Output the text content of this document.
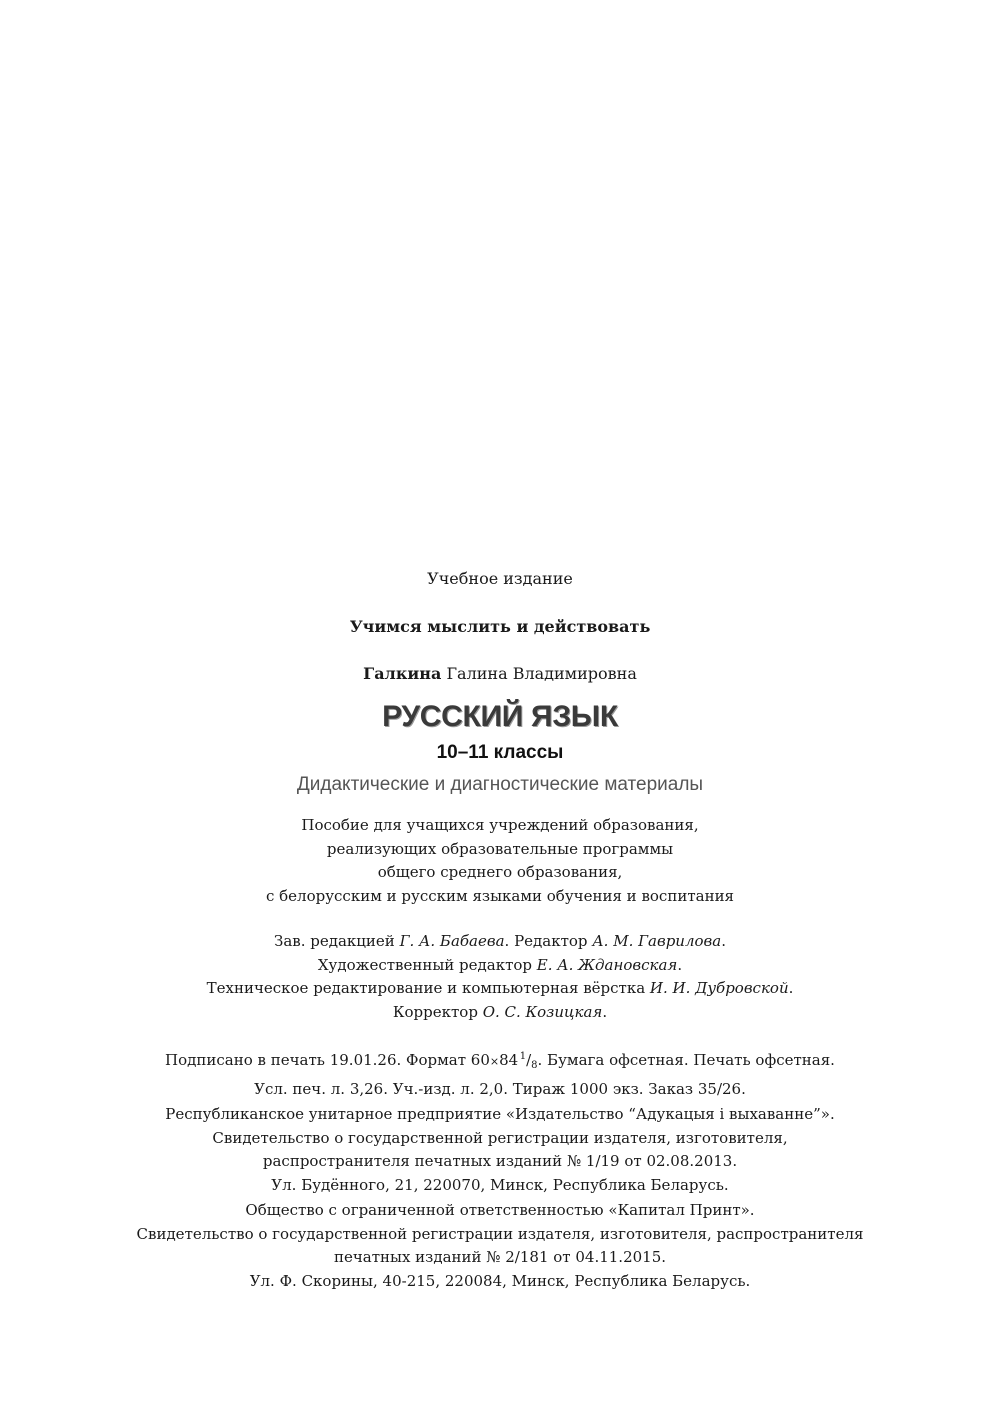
Учебное издание
Учимся мыслить и действовать
Галкина Галина Владимировна
РУССКИЙ ЯЗЫК
10–11 классы
Дидактические и диагностические материалы
Пособие для учащихся учреждений образования,
реализующих образовательные программы
общего среднего образования,
с белорусским и русским языками обучения и воспитания
Зав. редакцией Г. А. Бабаева. Редактор А. М. Гаврилова.
Художественный редактор Е. А. Ждановская.
Техническое редактирование и компьютерная вёрстка И. И. Дубровской.
Корректор О. С. Козицкая.
Подписано в печать 19.01.26. Формат 60×84  $^1/_8$. Бумага офсетная. Печать офсетная.
Усл. печ. л. 3,26. Уч.-изд. л. 2,0. Тираж 1000 экз. Заказ 35/26.
Республиканское унитарное предприятие «Издательство “Адукацыя і выхаванне”».
Свидетельство о государственной регистрации издателя, изготовителя,
распространителя печатных изданий № 1/19 от 02.08.2013.
Ул. Будённого, 21, 220070, Минск, Республика Беларусь.
Общество с ограниченной ответственностью «Капитал Принт».
Свидетельство о государственной регистрации издателя, изготовителя, распространителя
печатных изданий № 2/181 от 04.11.2015.
Ул. Ф. Скорины, 40-215, 220084, Минск, Республика Беларусь.
